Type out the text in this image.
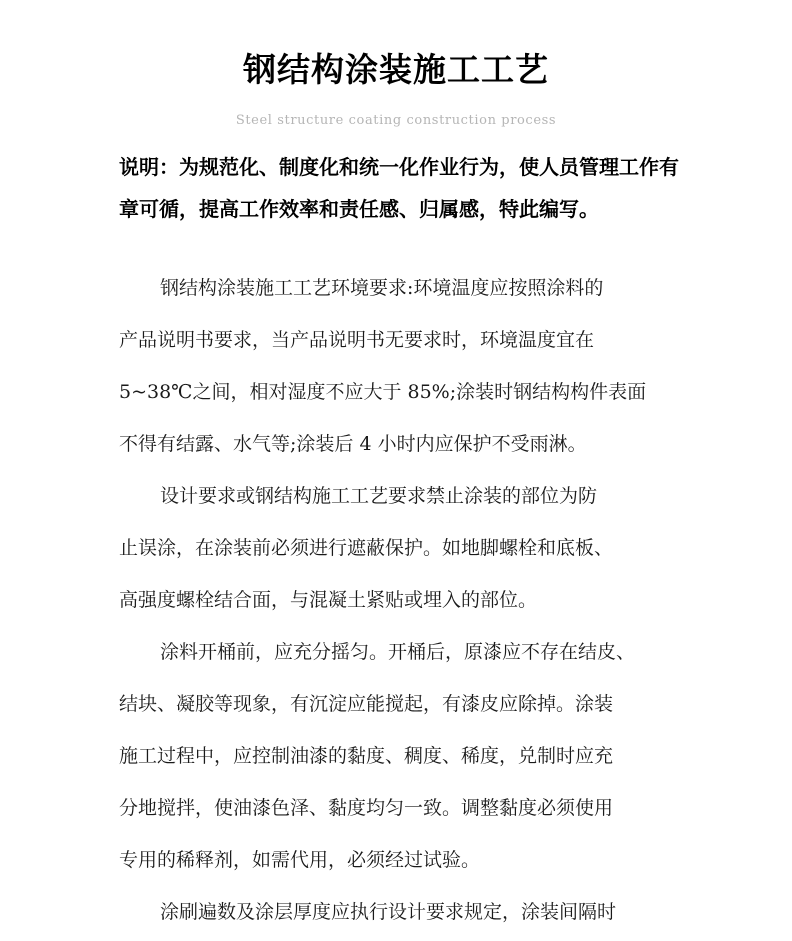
钢结构涂装施工工艺
Steel structure coating construction process
说明：为规范化、制度化和统一化作业行为，使人员管理工作有章可循，提高工作效率和责任感、归属感，特此编写。
钢结构涂装施工工艺环境要求:环境温度应按照涂料的
产品说明书要求，当产品说明书无要求时，环境温度宜在
5~38℃之间，相对湿度不应大于 85%;涂装时钢结构构件表面
不得有结露、水气等;涂装后 4 小时内应保护不受雨淋。
设计要求或钢结构施工工艺要求禁止涂装的部位为防
止误涂，在涂装前必须进行遮蔽保护。如地脚螺栓和底板、
高强度螺栓结合面，与混凝土紧贴或埋入的部位。
涂料开桶前，应充分摇匀。开桶后，原漆应不存在结皮、
结块、凝胶等现象，有沉淀应能搅起，有漆皮应除掉。涂装
施工过程中，应控制油漆的黏度、稠度、稀度，兑制时应充
分地搅拌，使油漆色泽、黏度均匀一致。调整黏度必须使用
专用的稀释剂，如需代用，必须经过试验。
涂刷遍数及涂层厚度应执行设计要求规定，涂装间隔时
